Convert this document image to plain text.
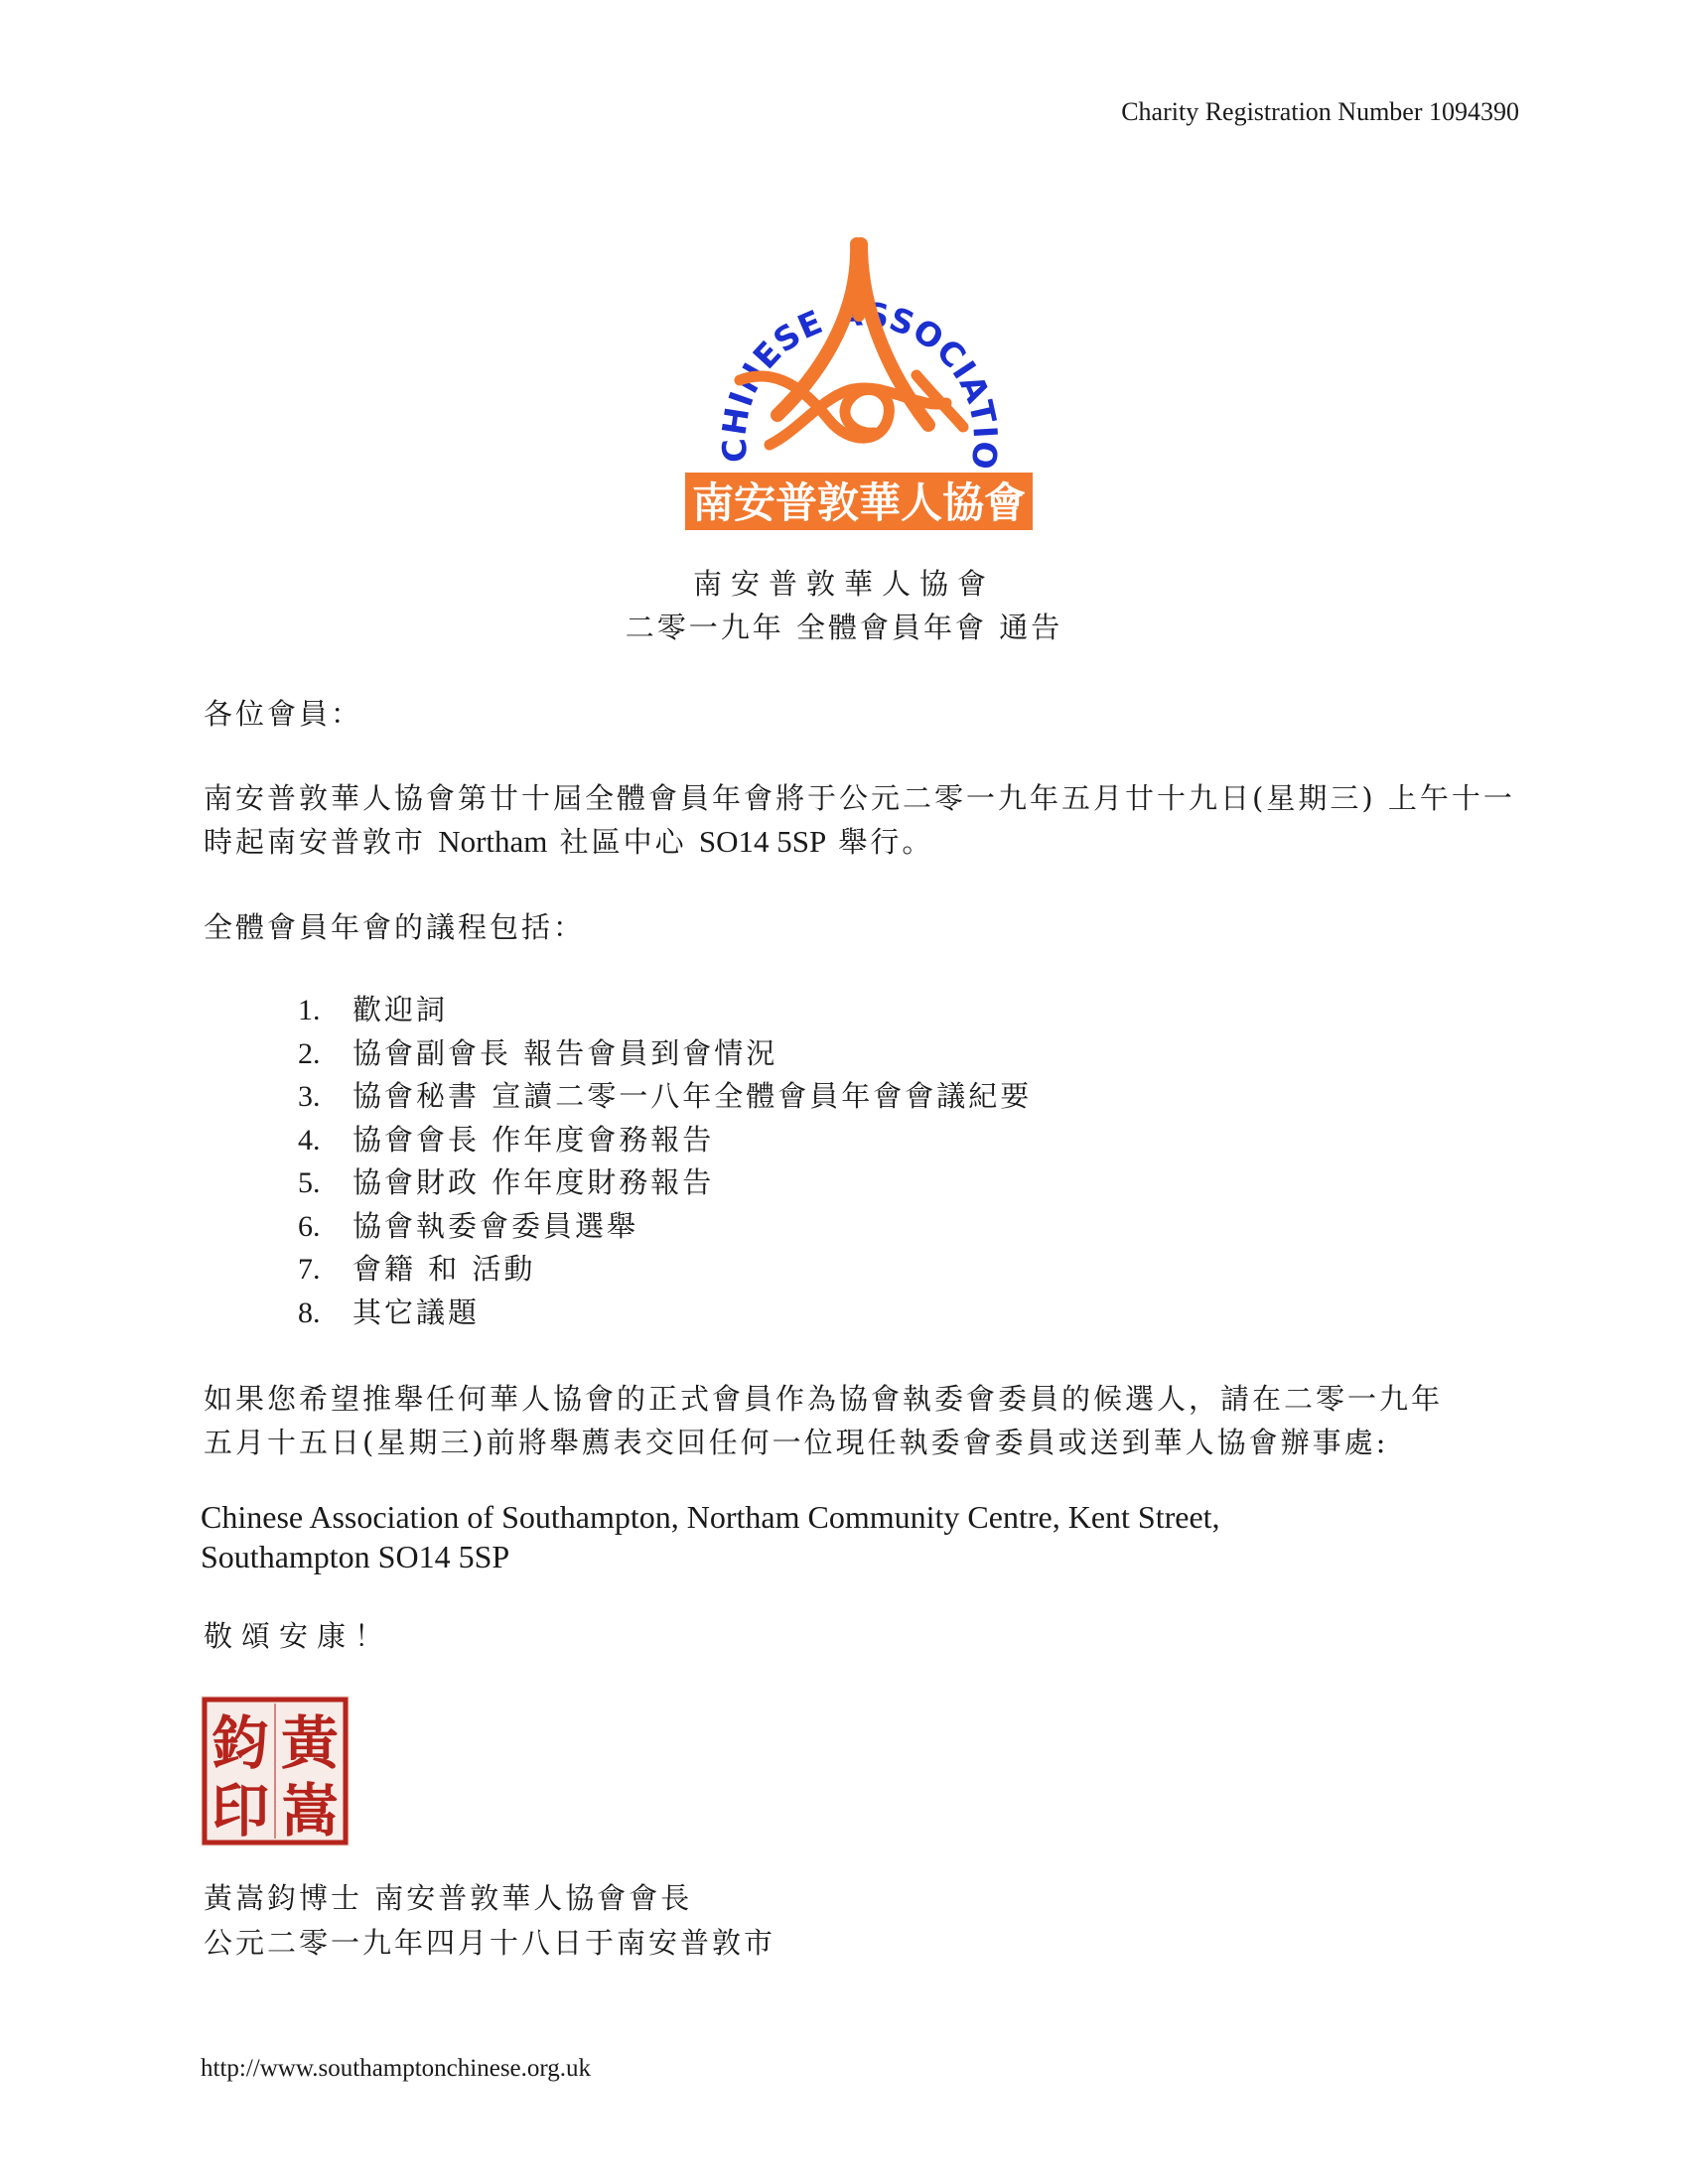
Charity Registration Number 1094390
CHINESE ASSOCIATIO
南安普敦華人協會
南安普敦華人協會
二零一九年 全體會員年會 通告
各位會員：
南安普敦華人協會第廿十屆全體會員年會將于公元二零一九年五月廿十九日(星期三) 上午十一時起南安普敦市 Northam 社區中心 SO14 5SP 舉行。
全體會員年會的議程包括：
1. 歡迎詞
2. 協會副會長 報告會員到會情況
3. 協會秘書 宣讀二零一八年全體會員年會會議紀要
4. 協會會長 作年度會務報告
5. 協會財政 作年度財務報告
6. 協會執委會委員選舉
7. 會籍 和 活動
8. 其它議題
如果您希望推舉任何華人協會的正式會員作為協會執委會委員的候選人，請在二零一九年
五月十五日(星期三)前將舉薦表交回任何一位現任執委會委員或送到華人協會辦事處:
Chinese Association of Southampton, Northam Community Centre, Kent Street,
Southampton SO14 5SP
敬頌安康！
黃
嵩
鈞
印
黃嵩鈞博士 南安普敦華人協會會長
公元二零一九年四月十八日于南安普敦市
http://www.southamptonchinese.org.uk
